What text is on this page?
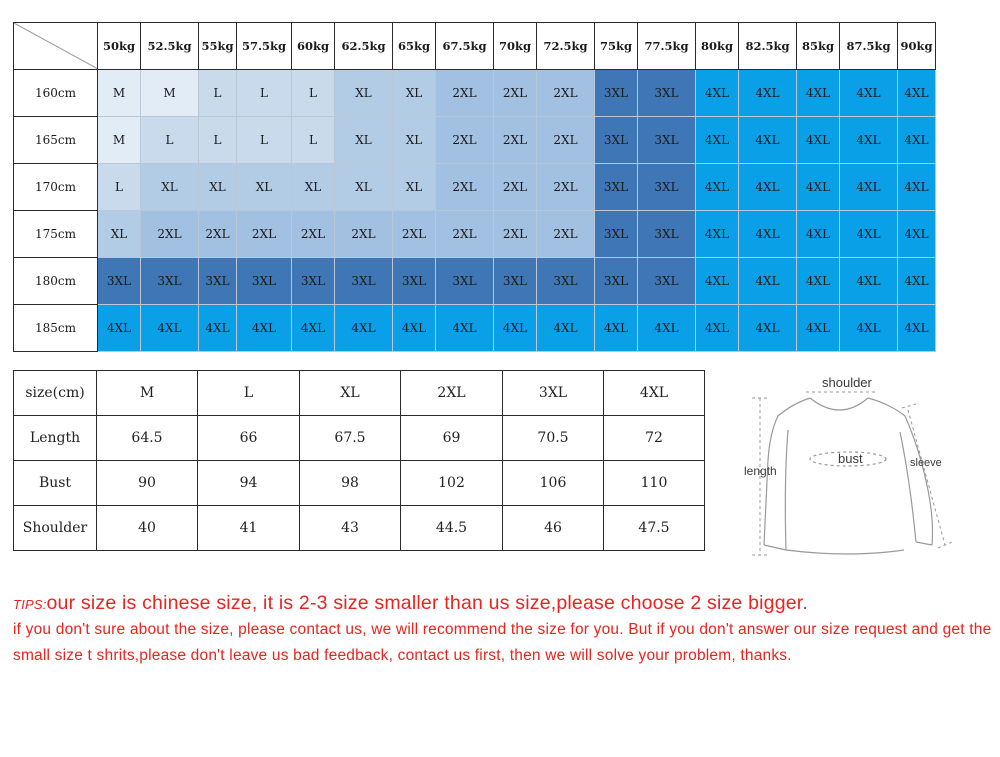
	50kg	52.5kg	55kg	57.5kg	60kg	62.5kg	65kg	67.5kg	70kg	72.5kg	75kg	77.5kg	80kg	82.5kg	85kg	87.5kg	90kg
160cm	M	M	L	L	L	XL	XL	2XL	2XL	2XL	3XL	3XL	4XL	4XL	4XL	4XL	4XL
165cm	M	L	L	L	L	XL	XL	2XL	2XL	2XL	3XL	3XL	4XL	4XL	4XL	4XL	4XL
170cm	L	XL	XL	XL	XL	XL	XL	2XL	2XL	2XL	3XL	3XL	4XL	4XL	4XL	4XL	4XL
175cm	XL	2XL	2XL	2XL	2XL	2XL	2XL	2XL	2XL	2XL	3XL	3XL	4XL	4XL	4XL	4XL	4XL
180cm	3XL	3XL	3XL	3XL	3XL	3XL	3XL	3XL	3XL	3XL	3XL	3XL	4XL	4XL	4XL	4XL	4XL
185cm	4XL	4XL	4XL	4XL	4XL	4XL	4XL	4XL	4XL	4XL	4XL	4XL	4XL	4XL	4XL	4XL	4XL
size(cm)	M	L	XL	2XL	3XL	4XL
Length	64.5	66	67.5	69	70.5	72
Bust	90	94	98	102	106	110
Shoulder	40	41	43	44.5	46	47.5
shoulder
bust
length
sleeve
TIPS:our size is chinese size, it is 2-3 size smaller than us size,please choose 2 size bigger.
if you don't sure about the size, please contact us, we will recommend the size for you. But if you don't answer our size request and get the small size t shrits,please don't leave us bad feedback, contact us first, then we will solve your problem, thanks.
